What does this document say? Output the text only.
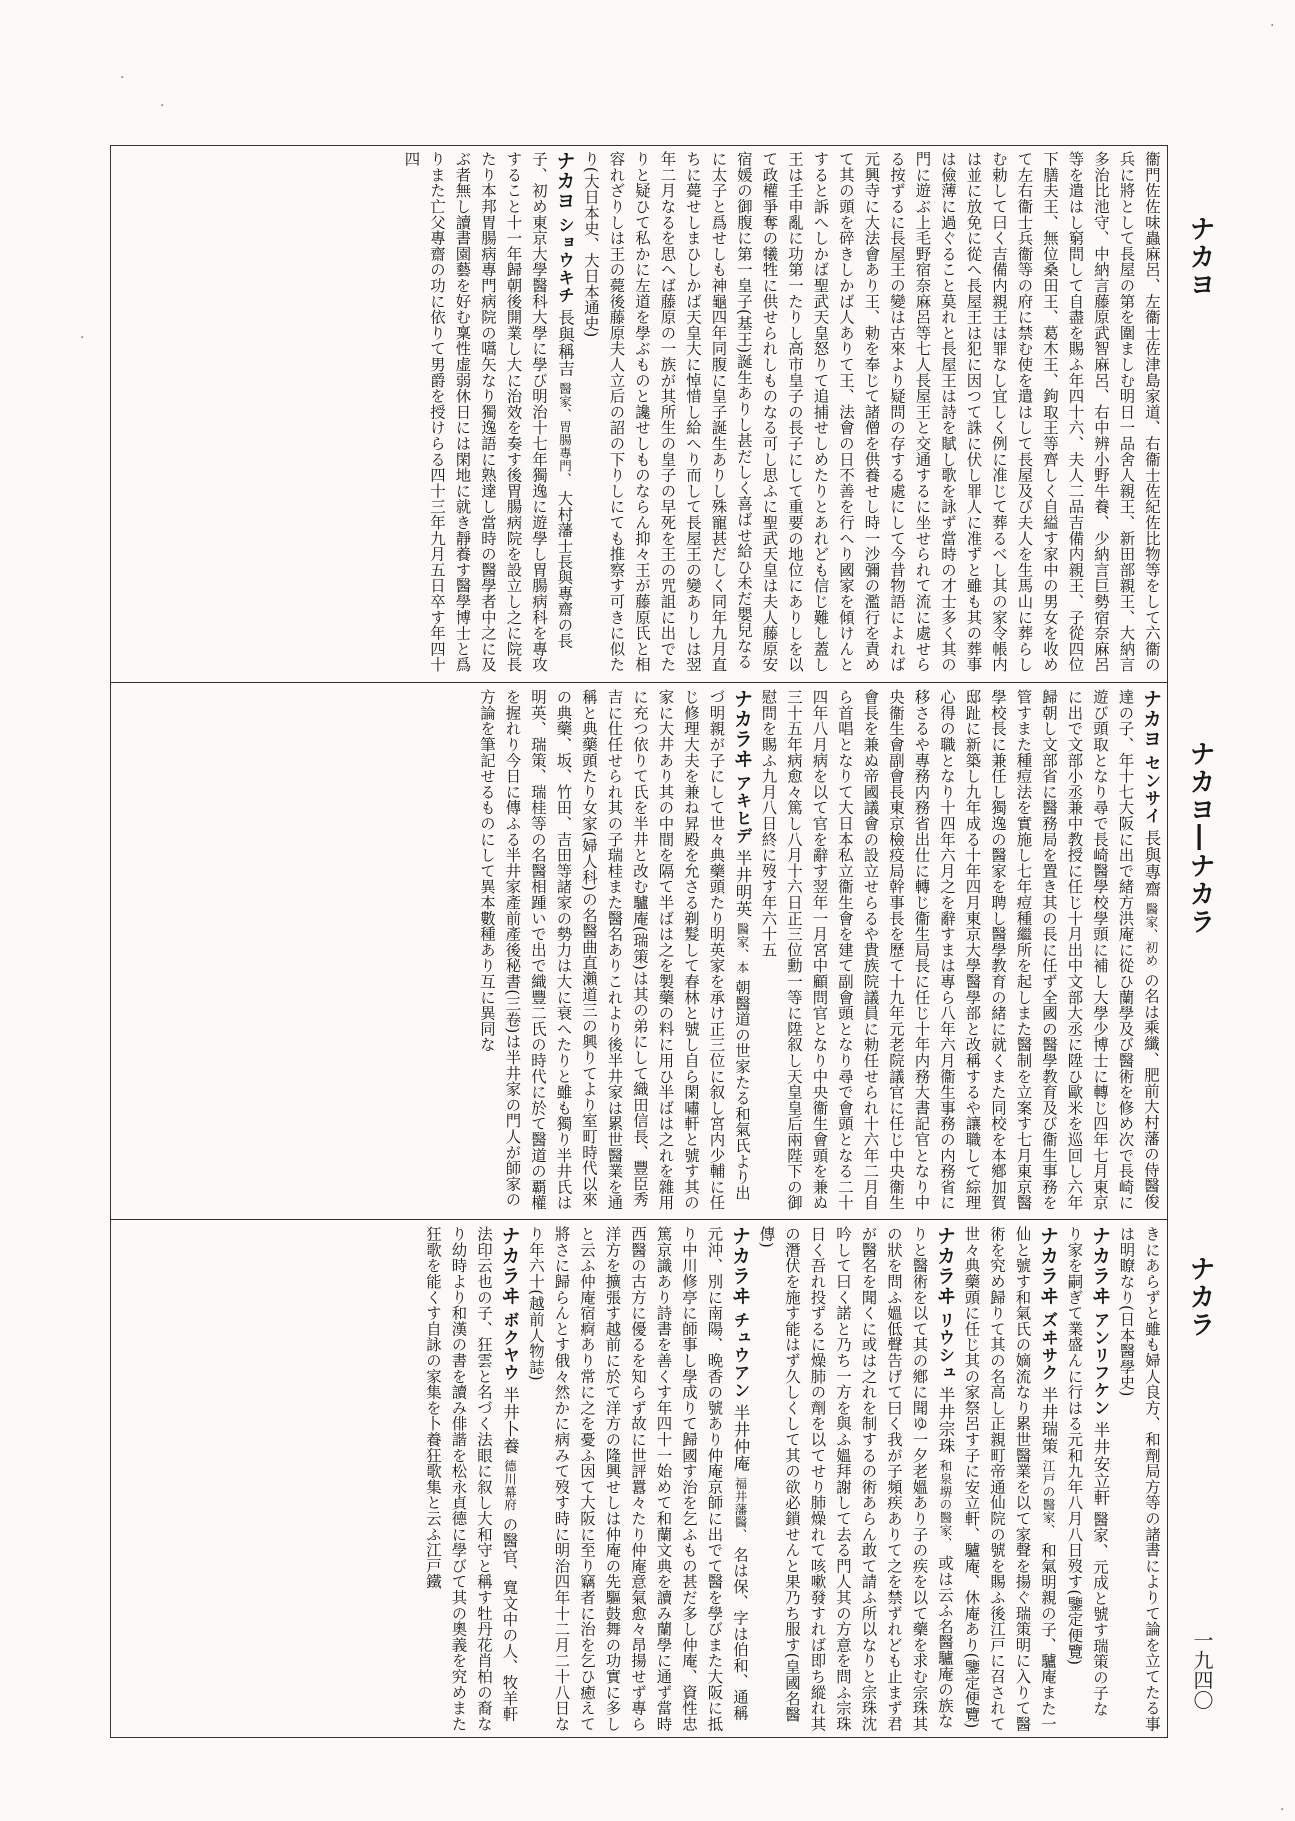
衞門佐佐味蟲麻呂、左衞士佐津島家道、右衞士佐紀佐比物等をして六衞の兵に將として長屋の第を圍ましむ明日一品舍人親王、新田部親王、大納言多治比池守、中納言藤原武智麻呂、右中辨小野牛養、少納言巨勢宿奈麻呂等を遣はし窮問して自盡を賜ふ年四十六、夫人二品吉備内親王、子從四位下膳夫王、無位桑田王、葛木王、鉤取王等齊しく自縊す家中の男女を收めて左右衞士兵衞等の府に禁む使を遣はして長屋及び夫人を生馬山に葬らしむ勅して曰く吉備内親王は罪なし宜しく例に准じて葬るべし其の家令帳内は並に放免に從へ長屋王は犯に因つて誅に伏し罪人に准ずと雖も其の葬事は儉薄に過ぐること莫れと長屋王は詩を賦し歌を詠ず當時の才士多く其の門に遊ぶ上毛野宿奈麻呂等七人長屋王と交通するに坐せられて流に處せらる按ずるに長屋王の變は古來より疑問の存する處にして今昔物語によれば元興寺に大法會あり王、勅を奉じて諸僧を供養せし時一沙彌の濫行を責めて其の頭を碎きしかば人ありて王、法會の日不善を行へり國家を傾けんとすると訴へしかば聖武天皇怒りて追捕せしめたりとあれども信じ難し蓋し王は壬申亂に功第一たりし高市皇子の長子にして重要の地位にありしを以て政權爭奪の犧牲に供せられしものなる可し思ふに聖武天皇は夫人藤原安宿媛の御腹に第一皇子(基王)誕生ありし甚だしく喜ばせ給ひ未だ嬰兒なるに太子と爲せしも神龜四年同腹に皇子誕生ありし殊寵甚だしく同年九月直ちに薨せしまひしかば天皇大に悼惜し給へり而して長屋王の變ありしは翌年二月なるを思へば藤原の一族が其所生の皇子の早死を王の咒詛に出でたりと疑ひて私かに左道を學ぶものと讒せしものならん抑々王が藤原氏と相容れざりしは王の薨後藤原夫人立后の詔の下りしにても推察す可きに似たり(大日本史、大日本通史)
ナカヨ ショウキチ 長與稱吉 醫家、胃腸專門、 大村藩士長與專齋の長子、初め東京大學醫科大學に學び明治十七年獨逸に遊學し胃腸病科を專攻すること十一年歸朝後開業し大に治效を奏す後胃腸病院を設立し之に院長たり本邦胃腸病專門病院の嚆矢なり獨逸語に熟達し當時の醫學者中之に及ぶ者無し讀書園藝を好む稟性虚弱休日には閑地に就き靜養す醫學博士と爲りまた亡父專齋の功に依りて男爵を授けらる四十三年九月五日卒す年四十四
ナカヨ センサイ 長與專齋 醫家、初め の名は乘纖、肥前大村藩の侍醫俊達の子、年十七大阪に出で緒方洪庵に從ひ蘭學及び醫術を修め次で長崎に遊び頭取となり尋で長崎醫學校學頭に補し大學少博士に轉じ四年七月東京に出で文部小丞兼中教授に任じ十月出中文部大丞に陞ひ歐米を巡回し六年歸朝し文部省に醫務局を置き其の長に任ず全國の醫學教育及び衞生事務を管すまた種痘法を實施し七年痘種繼所を起しまた醫制を立案す七月東京醫學校長に兼任し獨逸の醫家を聘し醫學教育の緒に就くまた同校を本鄕加賀邸趾に新築し九年成る十年四月東京大學醫學部と改稱するや讓職して綜理心得の職となり十四年六月之を辭すまは專ら八年六月衞生事務の内務省に移さるや專務内務省出仕に轉じ衞生局長に任じ十年内務大書記官となり中央衞生會副會長東京檢疫局幹事長を歷て十九年元老院議官に任じ中央衞生會長を兼ぬ帝國議會の設立せらるや貴族院議員に勅任せられ十六年二月自ら首唱となりて大日本私立衞生會を建て副會頭となり尋で會頭となる二十四年八月病を以て官を辭す翌年一月宮中顧問官となり中央衞生會頭を兼ぬ三十五年病愈々篤し八月十六日正三位勳一等に陞叙し天皇皇后兩陛下の御慰問を賜ふ九月八日終に歿す年六十五
ナカラヰ アキヒデ 半井明英 醫家、本 朝醫道の世家たる和氣氏より出づ明親が子にして世々典藥頭たり明英家を承け正三位に叙し宮内少輔に任じ修理大夫を兼ね昇殿を允さる剃髮して春林と號し自ら閑嘯軒と號す其の家に大井あり其の中間を隔て半ばは之を製藥の料に用ひ半ばは之れを雜用に充つ依りて氏を半井と改む驢庵(瑞策)は其の弟にして織田信長、豐臣秀吉に仕任せられ其の子瑞桂また醫名ありこれより後半井家は累世醫業を通稱と典藥頭たり女家(婦人科)の名醫曲直瀨道三の興りてより室町時代以來の典藥、坂、竹田、吉田等諸家の勢力は大に衰へたりと雖も獨り半井氏は明英、瑞策、瑞桂等の名醫相踵いで出で織豐二氏の時代に於て醫道の覇權を握れり今日に傳ふる半井家產前產後秘書(三卷)は半井家の門人が師家の方論を筆記せるものにして異本數種あり互に異同な
きにあらずと雖も婦人良方、和劑局方等の諸書によりて論を立てたる事は明瞭なり(日本醫學史)
ナカラヰ アンリフケン 半井安立軒 醫家、元成と號す瑞策の子なり家を嗣ぎて業盛んに行はる元和九年八月八日歿す(鑒定便覽)
ナカラヰ ズヰサク 半井瑞策 江戸の醫家、 和氣明親の子、驢庵また一仙と號す和氣氏の嫡流なり累世醫業を以て家聲を揚ぐ瑞策明に入りて醫術を究め歸りて其の名高し正親町帝通仙院の號を賜ふ後江戸に召されて世々典藥頭に任じ其の家祭呂す子に安立軒、驢庵、休庵あり(鑒定便覽)
ナカラヰ リウシュ 半井宗珠 和泉堺の醫家、 或は云ふ名醫驢庵の族なりと醫術を以て其の鄕に聞ゆ一夕老媼あり子の疾を以て藥を求む宗珠其の狀を問ふ媼低聲告げて曰く我が子頻疾ありて之を禁ずれども止まず君が醫名を聞くに或は之れを制するの術あらん敢て請ふ所以なりと宗珠沈吟して曰く諾と乃ち一方を與ふ媼拜謝して去る門人其の方意を問ふ宗珠日く吾れ投ずるに燥肺の劑を以てせり肺燥れて咳嗽發すれば即ち縱れ其の潛伏を施す能はず久しくして其の欲必鎖せんと果乃ち服す(皇國名醫傳)
ナカラヰ チュウアン 半井仲庵 福井藩醫、 名は保、字は伯和、通稱元沖、別に南陽、晩香の號あり仲庵京師に出でて醫を學びまた大阪に抵り中川修亭に師事し學成りて歸國す治を乞ふもの甚だ多し仲庵、資性忠篤京識あり詩書を善くす年四十一始めて和蘭文典を讀み蘭學に通ず當時西醫の古方に優るを知らず故に世評囂々たり仲庵意氣愈々昂揚せず專ら洋方を擴張す越前に於て洋方の隆興せしは仲庵の先驅鼓舞の功實に多しと云ふ仲庵宿痾あり常に之を憂ふ因て大阪に至り竊者に治を乞ひ癒えて將さに歸らんとす俄々然かに病みて歿す時に明治四年十二月二十八日なり年六十(越前人物誌)
ナカラヰ ボクヤウ 半井卜養 德川幕府 の醫官、寬文中の人、牧羊軒法印云也の子、狂雲と名づく法眼に叙し大和守と稱す牡丹花肖柏の裔なり幼時より和漢の書を讀み俳諧を松永貞德に學びて其の奧義を究めまた狂歌を能くす自詠の家集を卜養狂歌集と云ふ江戸鐵
ナカヨ
ナカヨ―ナカラ
ナカラ
一九四〇
·
·
·
·
·
